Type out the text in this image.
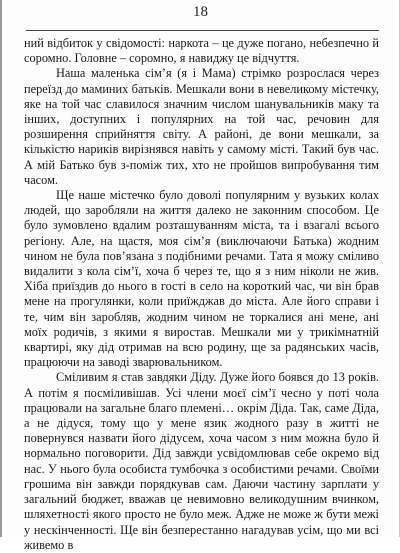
18

ний відбиток у свідомості: наркота – це дуже погано, небезпечно й соромно. Головне – соромно, я навиджу це відчуття.

Наша маленька сім’я (я і Мама) стрімко розрослася через переїзд до маминих батьків. Мешкали вони в невеликому містечку, яке на той час славилося значним числом шанувальників маку та інших, доступних і популярних на той час, речовин для розширення сприйняття світу. А районі, де вони мешкали, за кількістю нариків вирізнявся навіть у самому місті. Такий був час. А мій Батько був з-поміж тих, хто не пройшов випробування тим часом.

Ще наше містечко було доволі популярним у вузьких колах людей, що заробляли на життя далеко не законним способом. Це було зумовлено вдалим розташуванням міста, та і взагалі всього регіону. Але, на щастя, моя сім’я (виключаючи Батька) жодним чином не була пов’язана з подібними речами. Тата я можу сміливо видалити з кола сім’ї, хоча б через те, що я з ним ніколи не жив. Хіба приїздив до нього в гості в село на короткий час, чи він брав мене на прогулянки, коли приїжджав до міста. Але його справи і те, чим він заробляв, жодним чином не торкалися ані мене, ані моїх родичів, з якими я виростав. Мешкали ми у трикімнатній квартирі, яку дід отримав на всю родину, ще за радянських часів, працюючи на заводі зварювальником.

Сміливим я став завдяки Діду. Дуже його боявся до 13 років. А потім я посміливішав. Усі члени моєї сім’ї чесно у поті чола працювали на загальне благо племені… окрім Діда. Так, саме Діда, а не дідуся, тому що у мене язик жодного разу в житті не повернувся назвати його дідусем, хоча часом з ним можна було й нормально поговорити. Дід завжди усвідомлював себе окремо від нас. У нього була особиста тумбочка з особистими речами. Своїми грошима він завжди порядкував сам. Даючи частину зарплати у загальний бюджет, вважав це невимовно великодушним вчинком, шляхетності якого просто не було меж. Адже не може ж бути межі у нескінченності. Ще він безперестанно нагадував усім, що ми всі живемо в
